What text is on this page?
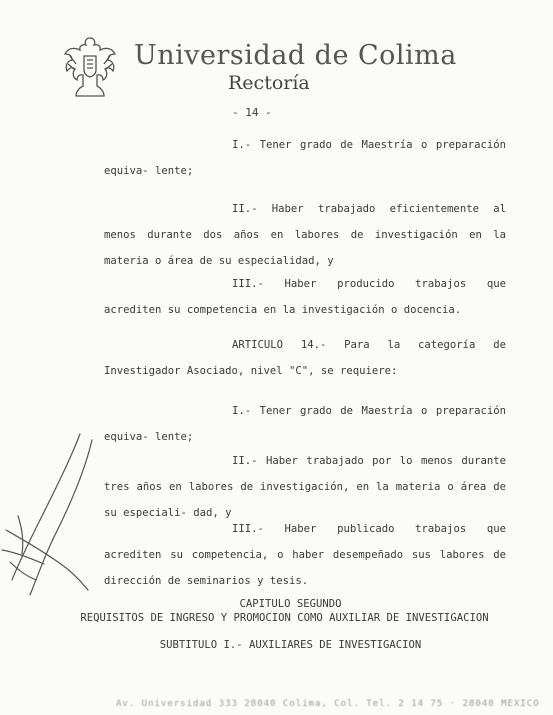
Universidad de Colima
Rectoría
- 14 -

I.- Tener grado de Maestría o preparación equiva- lente;

II.- Haber trabajado eficientemente al menos durante dos años en labores de investigación en la materia o área de su especialidad, y

III.- Haber producido trabajos que acrediten su competencia en la investigación o docencia.

ARTICULO 14.- Para la categoría de Investigador Asociado, nivel "C", se requiere:

I.- Tener grado de Maestría o preparación equiva- lente;

II.- Haber trabajado por lo menos durante tres años en labores de investigación, en la materia o área de su especiali- dad, y

III.- Haber publicado trabajos que acrediten su competencia, o haber desempeñado sus labores de dirección de seminarios y tesis.

CAPITULO SEGUNDO
REQUISITOS DE INGRESO Y PROMOCION COMO AUXILIAR DE INVESTIGACION
SUBTITULO I.- AUXILIARES DE INVESTIGACION
Av. Universidad 333 28040 Colima, Col. Tel. 2 14 75 · 28040 MEXICO
